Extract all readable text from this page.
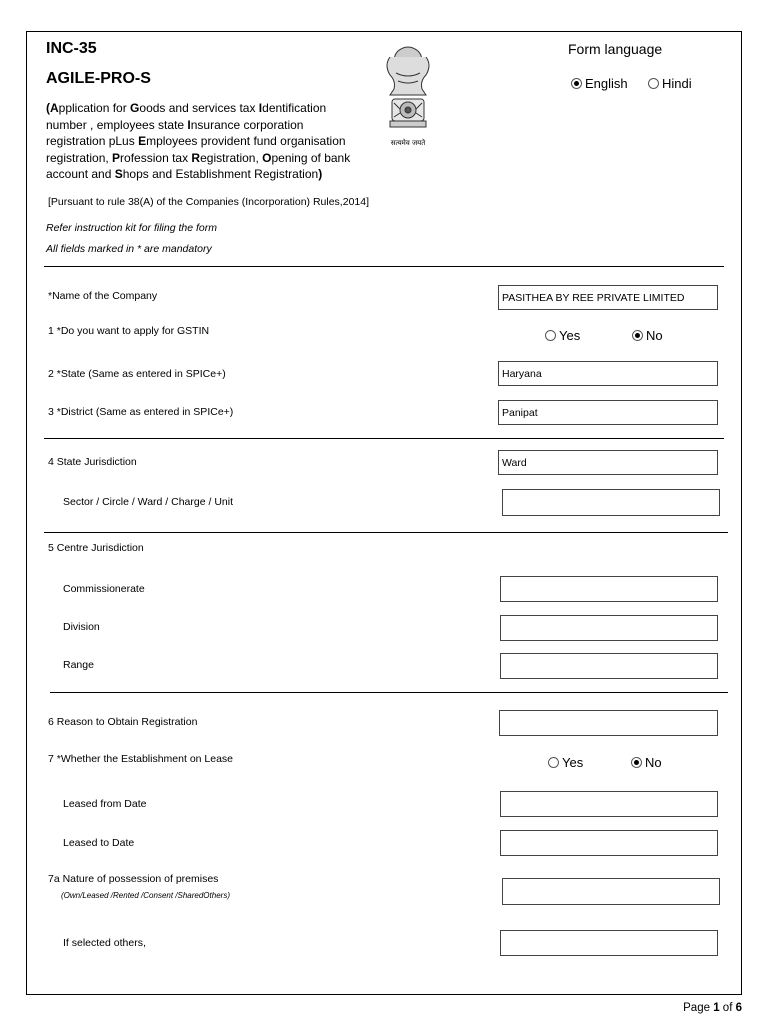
INC-35
AGILE-PRO-S
(Application for Goods and services tax Identification number , employees state Insurance corporation registration pLus Employees provident fund organisation registration, Profession tax Registration, Opening of bank account and Shops and Establishment Registration)
सत्यमेव जयते
Form language
English	Hindi
[Pursuant to rule 38(A) of the Companies (Incorporation) Rules,2014]
Refer instruction kit for filing the form
All fields marked in * are mandatory
*Name of the Company	PASITHEA BY REE PRIVATE LIMITED
1 *Do you want to apply for GSTIN	Yes	No
2 *State (Same as entered in SPICe+)	Haryana
3 *District (Same as entered in SPICe+)	Panipat
4 State Jurisdiction	Ward
Sector / Circle / Ward / Charge / Unit
5 Centre Jurisdiction
Commissionerate
Division
Range
6 Reason to Obtain Registration
7 *Whether the Establishment on Lease	Yes	No
Leased from Date
Leased to Date
7a Nature of possession of premises
(Own/Leased /Rented /Consent /SharedOthers)
If selected others,
Page 1 of 6
